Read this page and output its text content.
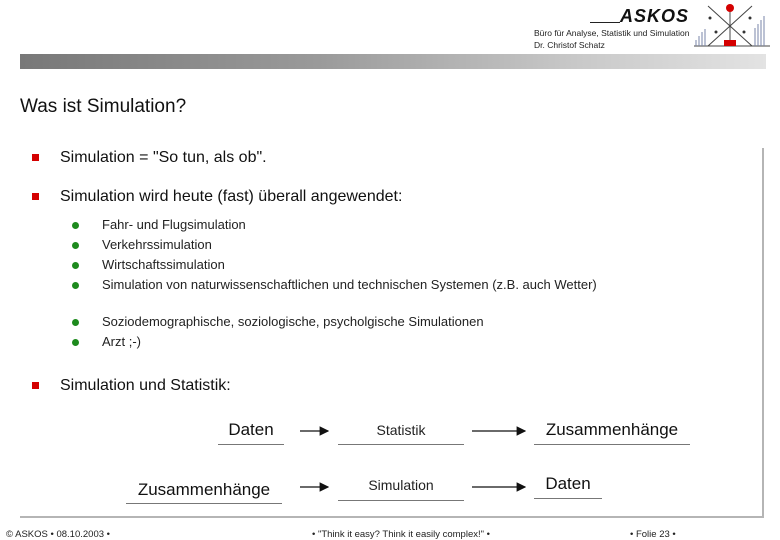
ASKOS
Büro für Analyse, Statistik und Simulation
Dr. Christof Schatz
Was ist Simulation?
Simulation = "So tun, als ob".
Simulation wird heute (fast) überall angewendet:
Fahr- und Flugsimulation
Verkehrssimulation
Wirtschaftssimulation
Simulation von naturwissenschaftlichen und technischen Systemen (z.B. auch Wetter)
Soziodemographische, soziologische, psycholgische Simulationen
Arzt ;-)
Simulation und Statistik:
Daten	Statistik	Zusammenhänge
Zusammenhänge	Simulation	Daten
© ASKOS • 08.10.2003 •	• "Think it easy? Think it easily complex!" •	• Folie 23 •
